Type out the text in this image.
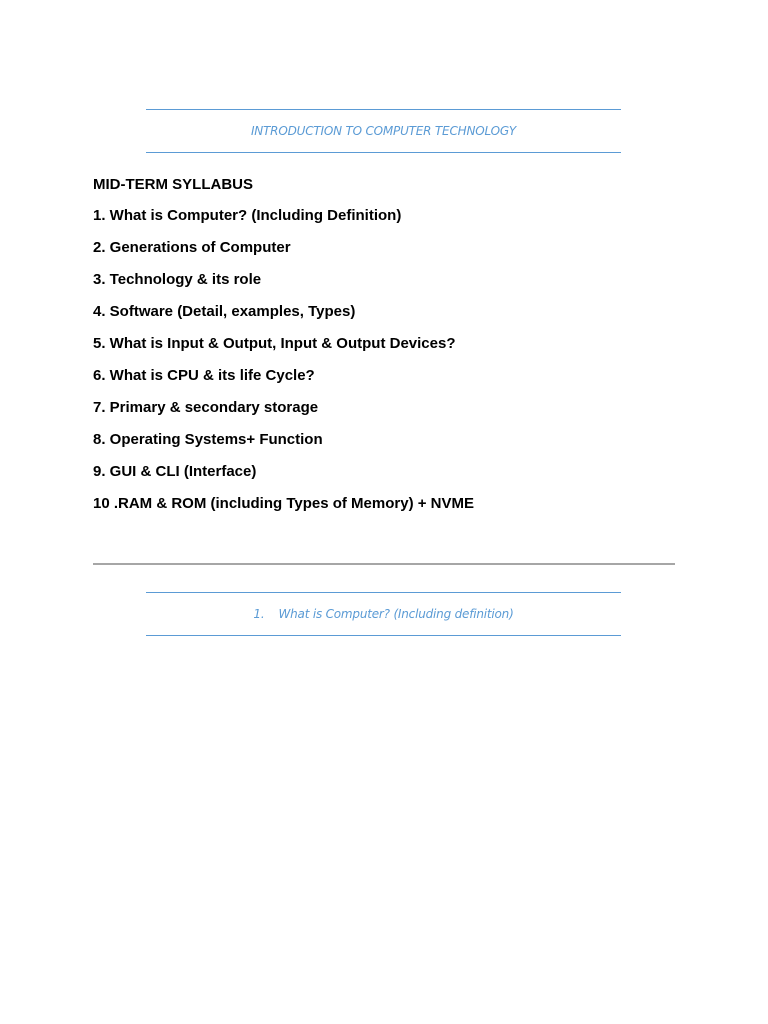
INTRODUCTION TO COMPUTER TECHNOLOGY
MID-TERM SYLLABUS
1. What is Computer? (Including Definition)
2. Generations of Computer
3. Technology & its role
4. Software (Detail, examples, Types)
5. What is Input & Output, Input & Output Devices?
6. What is CPU & its life Cycle?
7. Primary & secondary storage
8. Operating Systems+ Function
9. GUI & CLI (Interface)
10 .RAM & ROM (including Types of Memory) + NVME
1. What is Computer? (Including definition)
